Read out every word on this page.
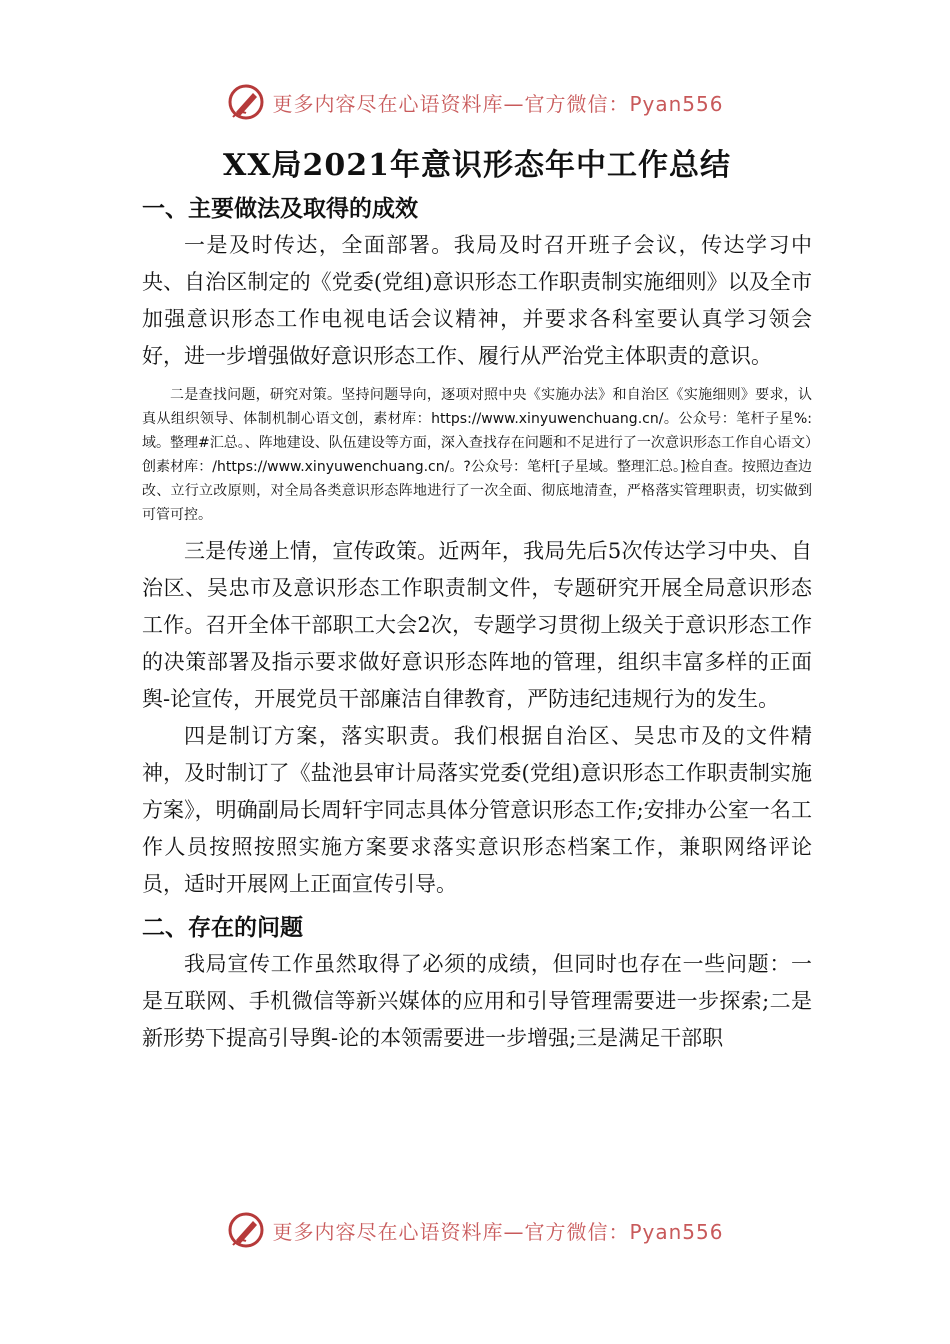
更多内容尽在心语资料库—官方微信：Pyan556
XX局2021年意识形态年中工作总结
一、主要做法及取得的成效

一是及时传达，全面部署。我局及时召开班子会议，传达学习中央、自治区制定的《党委(党组)意识形态工作职责制实施细则》以及全市加强意识形态工作电视电话会议精神，并要求各科室要认真学习领会好，进一步增强做好意识形态工作、履行从严治党主体职责的意识。

二是查找问题，研究对策。坚持问题导向，逐项对照中央《实施办法》和自治区《实施细则》要求，认真从组织领导、体制机制心语文创，素材库：https://www.xinyuwenchuang.cn/。公众号：笔杆子星%:域。整理#汇总。、阵地建设、队伍建设等方面，深入查找存在问题和不足进行了一次意识形态工作自心语文）创素材库：/https://www.xinyuwenchuang.cn/。?公众号：笔杆[子星域。整理汇总。]检自查。按照边查边改、立行立改原则，对全局各类意识形态阵地进行了一次全面、彻底地清查，严格落实管理职责，切实做到可管可控。

三是传递上情，宣传政策。近两年，我局先后5次传达学习中央、自治区、吴忠市及意识形态工作职责制文件，专题研究开展全局意识形态工作。召开全体干部职工大会2次，专题学习贯彻上级关于意识形态工作的决策部署及指示要求做好意识形态阵地的管理，组织丰富多样的正面舆-论宣传，开展党员干部廉洁自律教育，严防违纪违规行为的发生。

四是制订方案，落实职责。我们根据自治区、吴忠市及的文件精神，及时制订了《盐池县审计局落实党委(党组)意识形态工作职责制实施方案》，明确副局长周轩宇同志具体分管意识形态工作;安排办公室一名工作人员按照按照实施方案要求落实意识形态档案工作，兼职网络评论员，适时开展网上正面宣传引导。

二、存在的问题

我局宣传工作虽然取得了必须的成绩，但同时也存在一些问题：一是互联网、手机微信等新兴媒体的应用和引导管理需要进一步探索;二是新形势下提高引导舆-论的本领需要进一步增强;三是满足干部职

更多内容尽在心语资料库—官方微信：Pyan556
